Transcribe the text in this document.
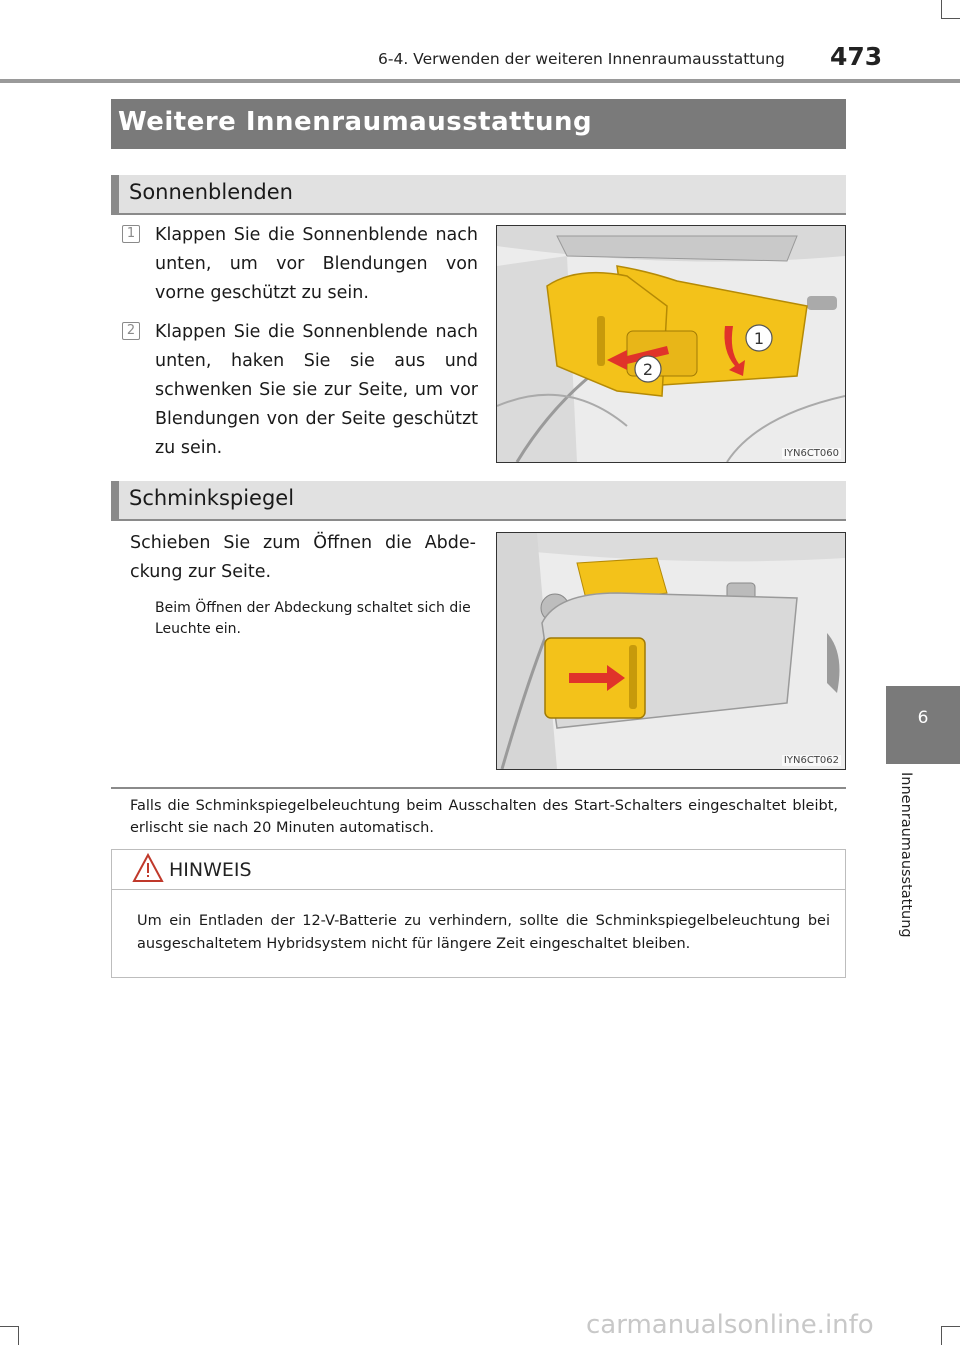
6-4. Verwenden der weiteren Innenraumausstattung 473
Weitere Innenraumausstattung
Sonnenblenden
1 Klappen Sie die Sonnenblende nach unten, um vor Blendungen von vorne geschützt zu sein.
2 Klappen Sie die Sonnenblende nach unten, haken Sie sie aus und schwenken Sie sie zur Seite, um vor Blendungen von der Seite geschützt zu sein.
1
2
IYN6CT060
Schminkspiegel
Schieben Sie zum Öffnen die Abde-ckung zur Seite.
Beim Öffnen der Abdeckung schaltet sich die Leuchte ein.
IYN6CT062
Falls die Schminkspiegelbeleuchtung beim Ausschalten des Start-Schalters eingeschaltet bleibt, erlischt sie nach 20 Minuten automatisch.
HINWEIS
Um ein Entladen der 12-V-Batterie zu verhindern, sollte die Schminkspiegelbeleuchtung bei ausgeschaltetem Hybridsystem nicht für längere Zeit eingeschaltet bleiben.
6
Innenraumausstattung
carmanualsonline.info
